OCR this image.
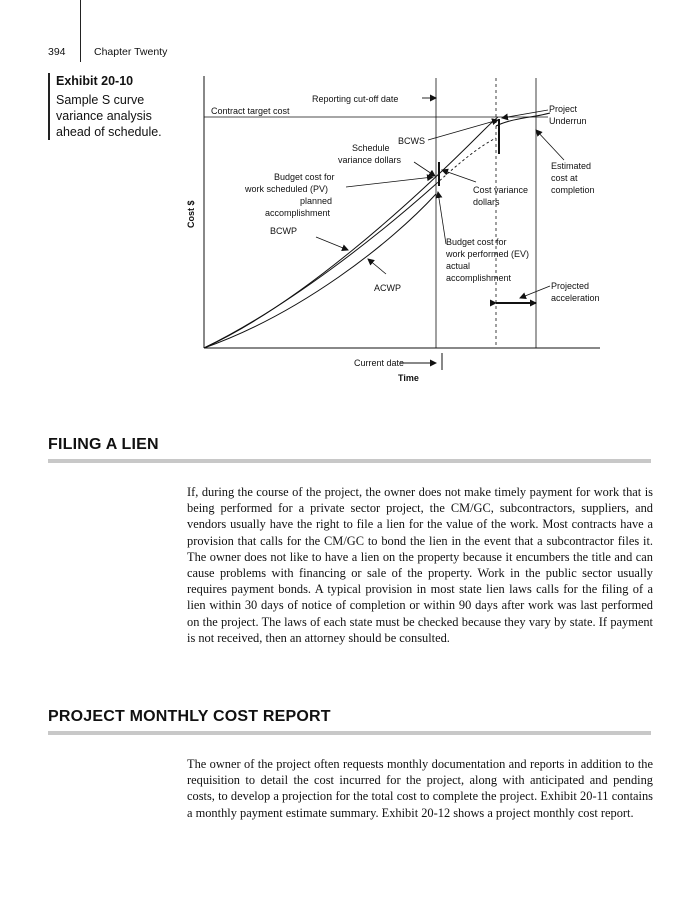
394	Chapter Twenty
Exhibit 20-10
Sample S curve variance analysis ahead of schedule.
Reporting cut-off date
Contract target cost	Project
Underrun
BCWS
Schedule
variance dollars
Estimated
cost at
completion
Budget cost for
work scheduled (PV)
planned
accomplishment
Cost variance
dollars
BCWP
Budget cost for
work performed (EV)
actual
accomplishment
ACWP	Projected
acceleration
Current date
Time
Cost $
FILING A LIEN
If, during the course of the project, the owner does not make timely payment for work that is being performed for a private sector project, the CM/GC, subcontractors, suppliers, and vendors usually have the right to file a lien for the value of the work. Most contracts have a provision that calls for the CM/GC to bond the lien in the event that a subcontractor files it. The owner does not like to have a lien on the property because it encumbers the title and can cause problems with financing or sale of the property. Work in the public sector usually requires payment bonds. A typical provision in most state lien laws calls for the filing of a lien within 30 days of notice of completion or within 90 days after work was last performed on the project. The laws of each state must be checked because they vary by state. If payment is not received, then an attorney should be consulted.
PROJECT MONTHLY COST REPORT
The owner of the project often requests monthly documentation and reports in addition to the requisition to detail the cost incurred for the project, along with anticipated and pending costs, to develop a projection for the total cost to complete the project. Exhibit 20-11 contains a monthly payment estimate summary. Exhibit 20-12 shows a project monthly cost report.
